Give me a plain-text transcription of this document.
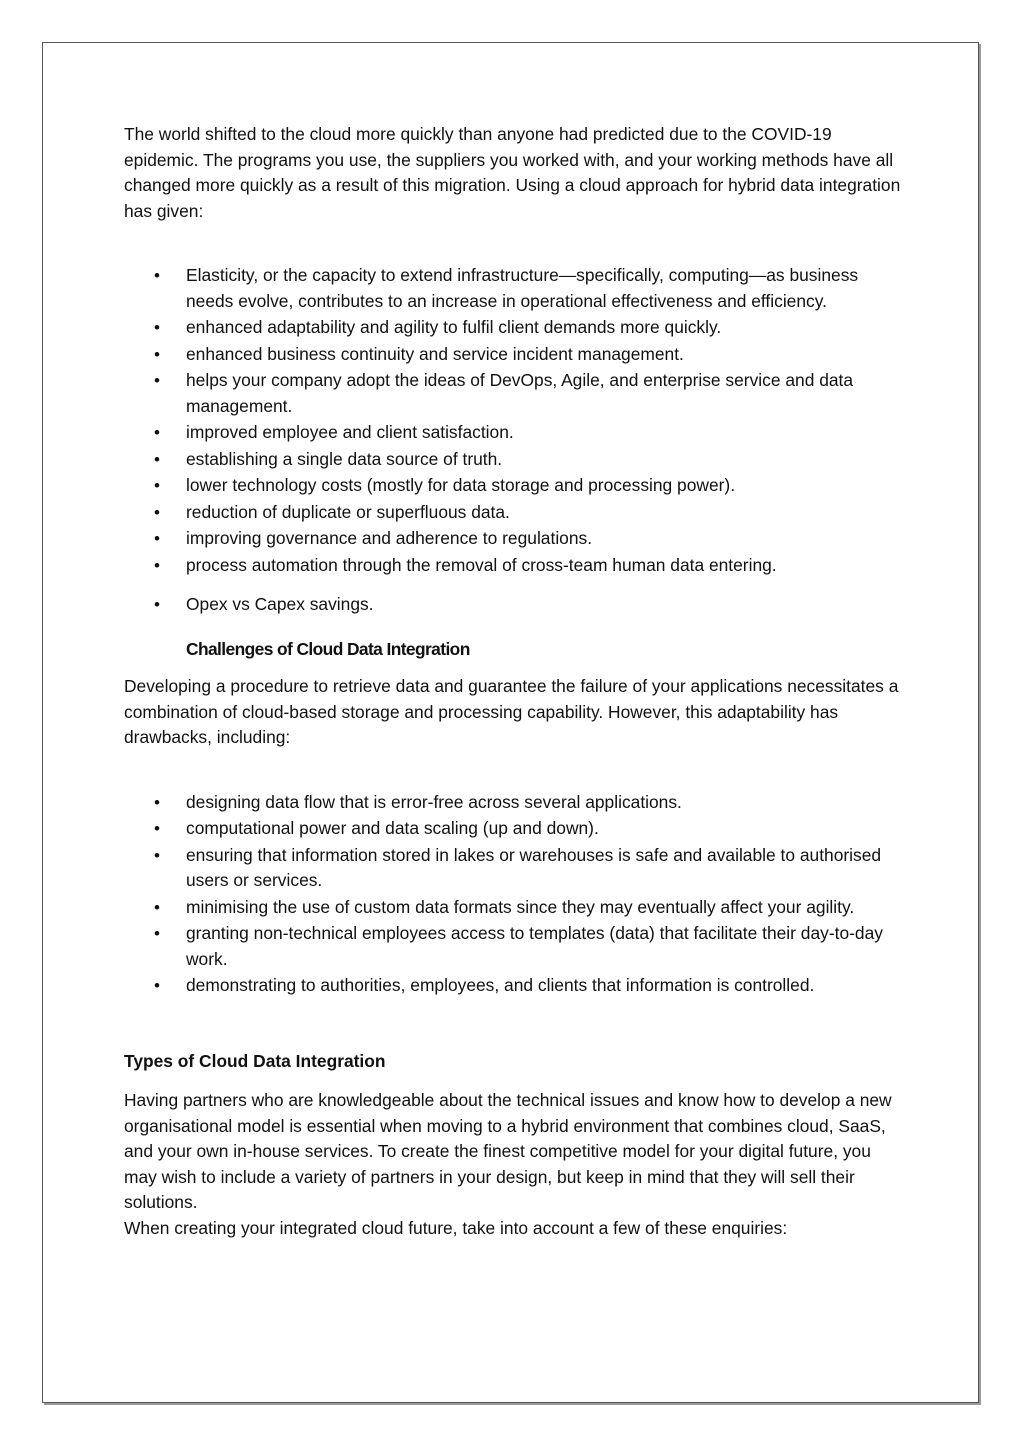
The world shifted to the cloud more quickly than anyone had predicted due to the COVID-19 epidemic. The programs you use, the suppliers you worked with, and your working methods have all changed more quickly as a result of this migration. Using a cloud approach for hybrid data integration has given:

• Elasticity, or the capacity to extend infrastructure—specifically, computing—as business needs evolve, contributes to an increase in operational effectiveness and efficiency.
• enhanced adaptability and agility to fulfil client demands more quickly.
• enhanced business continuity and service incident management.
• helps your company adopt the ideas of DevOps, Agile, and enterprise service and data management.
• improved employee and client satisfaction.
• establishing a single data source of truth.
• lower technology costs (mostly for data storage and processing power).
• reduction of duplicate or superfluous data.
• improving governance and adherence to regulations.
• process automation through the removal of cross-team human data entering.
• Opex vs Capex savings.

Challenges of Cloud Data Integration

Developing a procedure to retrieve data and guarantee the failure of your applications necessitates a combination of cloud-based storage and processing capability. However, this adaptability has drawbacks, including:

• designing data flow that is error-free across several applications.
• computational power and data scaling (up and down).
• ensuring that information stored in lakes or warehouses is safe and available to authorised users or services.
• minimising the use of custom data formats since they may eventually affect your agility.
• granting non-technical employees access to templates (data) that facilitate their day-to-day work.
• demonstrating to authorities, employees, and clients that information is controlled.

Types of Cloud Data Integration

Having partners who are knowledgeable about the technical issues and know how to develop a new organisational model is essential when moving to a hybrid environment that combines cloud, SaaS, and your own in-house services. To create the finest competitive model for your digital future, you may wish to include a variety of partners in your design, but keep in mind that they will sell their solutions.

When creating your integrated cloud future, take into account a few of these enquiries:
